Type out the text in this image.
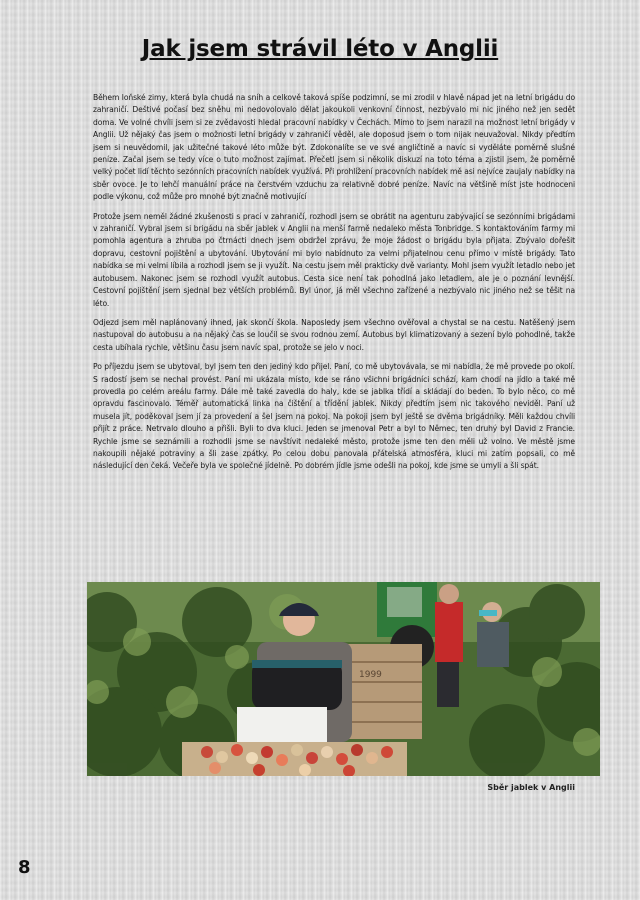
Jak jsem strávil léto v Anglii

Během loňské zimy, která byla chudá na sníh a celkově taková spíše podzimní, se mi zrodil v hlavě nápad jet na letní brigádu do zahraničí. Deštivé počasí bez sněhu mi nedovolovalo dělat jakoukoli venkovní činnost, nezbývalo mi nic jiného než jen sedět doma. Ve volné chvíli jsem si ze zvědavosti hledal pracovní nabídky v Čechách. Mimo to jsem narazil na možnost letní brigády v Anglii. Už nějaký čas jsem o možnosti letní brigády v zahraničí věděl, ale doposud jsem o tom nijak neuvažoval. Nikdy předtím jsem si neuvědomil, jak užitečné takové léto může být. Zdokonalíte se ve své angličtině a navíc si vyděláte poměrně slušné peníze. Začal jsem se tedy více o tuto možnost zajímat. Přečetl jsem si několik diskuzí na toto téma a zjistil jsem, že poměrně velký počet lidí těchto sezónních pracovních nabídek využívá. Při prohlížení pracovních nabídek mě asi nejvíce zaujaly nabídky na sběr ovoce. Je to lehčí manuální práce na čerstvém vzduchu za relativně dobré peníze. Navíc na většině míst jste hodnoceni podle výkonu, což může pro mnohé být značně motivující

Protože jsem neměl žádné zkušenosti s prací v zahraničí, rozhodl jsem se obrátit na agenturu zabývající se sezónními brigádami v zahraničí. Vybral jsem si brigádu na sběr jablek v Anglii na menší farmě nedaleko města Tonbridge. S kontaktováním farmy mi pomohla agentura a zhruba po čtrnácti dnech jsem obdržel zprávu, že moje žádost o brigádu byla přijata. Zbývalo dořešit dopravu, cestovní pojištění a ubytování. Ubytování mi bylo nabídnuto za velmi přijatelnou cenu přímo v místě brigády. Tato nabídka se mi velmi líbila a rozhodl jsem se ji využít. Na cestu jsem měl prakticky dvě varianty. Mohl jsem využít letadlo nebo jet autobusem. Nakonec jsem se rozhodl využít autobus. Cesta sice není tak pohodlná jako letadlem, ale je o poznání levnější. Cestovní pojištění jsem sjednal bez větších problémů. Byl únor, já měl všechno zařízené a nezbývalo nic jiného než se těšit na léto.

Odjezd jsem měl naplánovaný ihned, jak skončí škola. Naposledy jsem všechno ověřoval a chystal se na cestu. Natěšený jsem nastupoval do autobusu a na nějaký čas se loučil se svou rodnou zemí. Autobus byl klimatizovaný a sezení bylo pohodlné, takže cesta ubíhala rychle, většinu času jsem navíc spal, protože se jelo v noci.

Po příjezdu jsem se ubytoval, byl jsem ten den jediný kdo přijel. Paní, co mě ubytovávala, se mi nabídla, že mě provede po okolí. S radostí jsem se nechal provést. Paní mi ukázala místo, kde se ráno všichni brigádníci schází, kam chodí na jídlo a také mě provedla po celém areálu farmy. Dále mě také zavedla do haly, kde se jablka třídí a skládají do beden. To bylo něco, co mě opravdu fascinovalo. Téměř automatická linka na čištění a třídění jablek. Nikdy předtím jsem nic takového neviděl. Paní už musela jít, poděkoval jsem jí za provedení a šel jsem na pokoj. Na pokoji jsem byl ještě se dvěma brigádníky. Měli každou chvíli přijít z práce. Netrvalo dlouho a přišli. Byli to dva kluci. Jeden se jmenoval Petr a byl to Němec, ten druhý byl David z Francie. Rychle jsme se seznámili a rozhodli jsme se navštívit nedaleké město, protože jsme ten den měli už volno. Ve městě jsme nakoupili nějaké potraviny a šli zase zpátky. Po celou dobu panovala přátelská atmosféra, kluci mi zatím popsali, co mě následující den čeká. Večeře byla ve společné jídelně. Po dobrém jídle jsme odešli na pokoj, kde jsme se umyli a šli spát.

1999
Sběr jablek v Anglii
8
